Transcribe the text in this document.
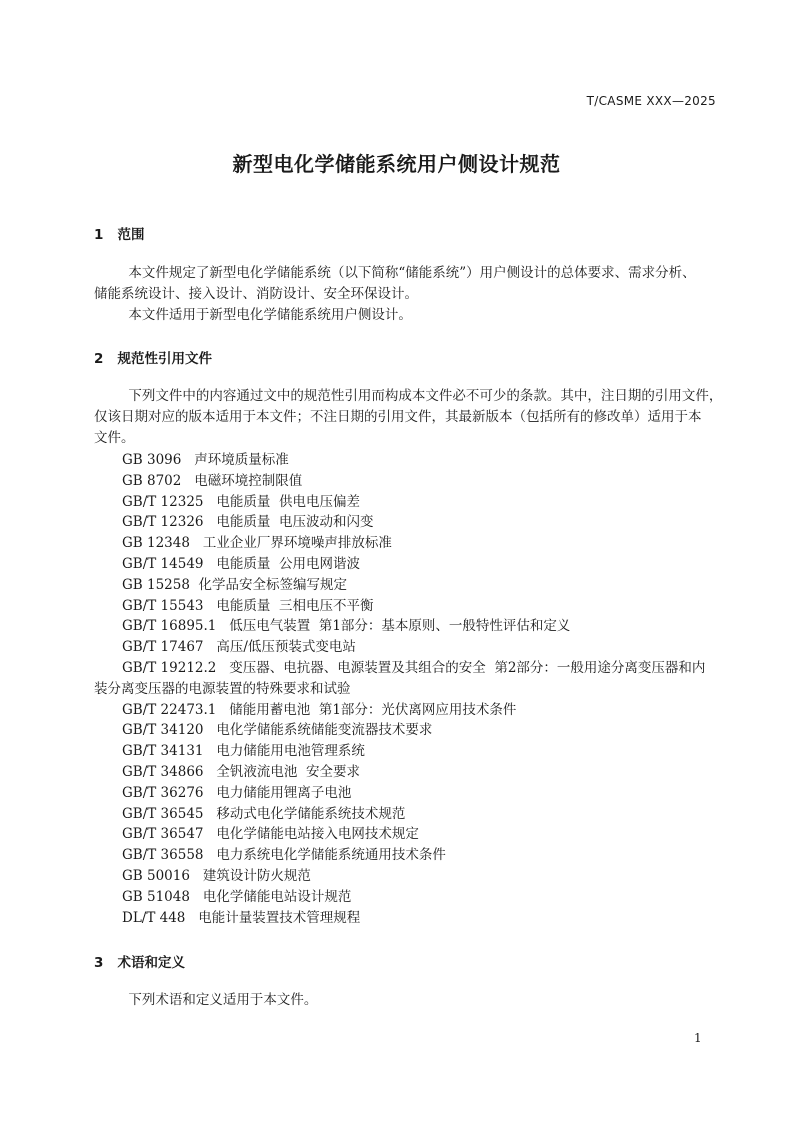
T/CASME XXX—2025
新型电化学储能系统用户侧设计规范
1   范围
本文件规定了新型电化学储能系统（以下简称“储能系统”）用户侧设计的总体要求、需求分析、
储能系统设计、接入设计、消防设计、安全环保设计。
本文件适用于新型电化学储能系统用户侧设计。
2   规范性引用文件
下列文件中的内容通过文中的规范性引用而构成本文件必不可少的条款。其中，注日期的引用文件，
仅该日期对应的版本适用于本文件；不注日期的引用文件，其最新版本（包括所有的修改单）适用于本
文件。
GB 3096   声环境质量标准
GB 8702   电磁环境控制限值
GB/T 12325   电能质量  供电电压偏差
GB/T 12326   电能质量  电压波动和闪变
GB 12348   工业企业厂界环境噪声排放标准
GB/T 14549   电能质量  公用电网谐波
GB 15258  化学品安全标签编写规定
GB/T 15543   电能质量  三相电压不平衡
GB/T 16895.1   低压电气装置  第1部分：基本原则、一般特性评估和定义
GB/T 17467   高压/低压预装式变电站
GB/T 19212.2   变压器、电抗器、电源装置及其组合的安全  第2部分：一般用途分离变压器和内
装分离变压器的电源装置的特殊要求和试验
GB/T 22473.1   储能用蓄电池  第1部分：光伏离网应用技术条件
GB/T 34120   电化学储能系统储能变流器技术要求
GB/T 34131   电力储能用电池管理系统
GB/T 34866   全钒液流电池  安全要求
GB/T 36276   电力储能用锂离子电池
GB/T 36545   移动式电化学储能系统技术规范
GB/T 36547   电化学储能电站接入电网技术规定
GB/T 36558   电力系统电化学储能系统通用技术条件
GB 50016   建筑设计防火规范
GB 51048   电化学储能电站设计规范
DL/T 448   电能计量装置技术管理规程
3   术语和定义
下列术语和定义适用于本文件。
1
